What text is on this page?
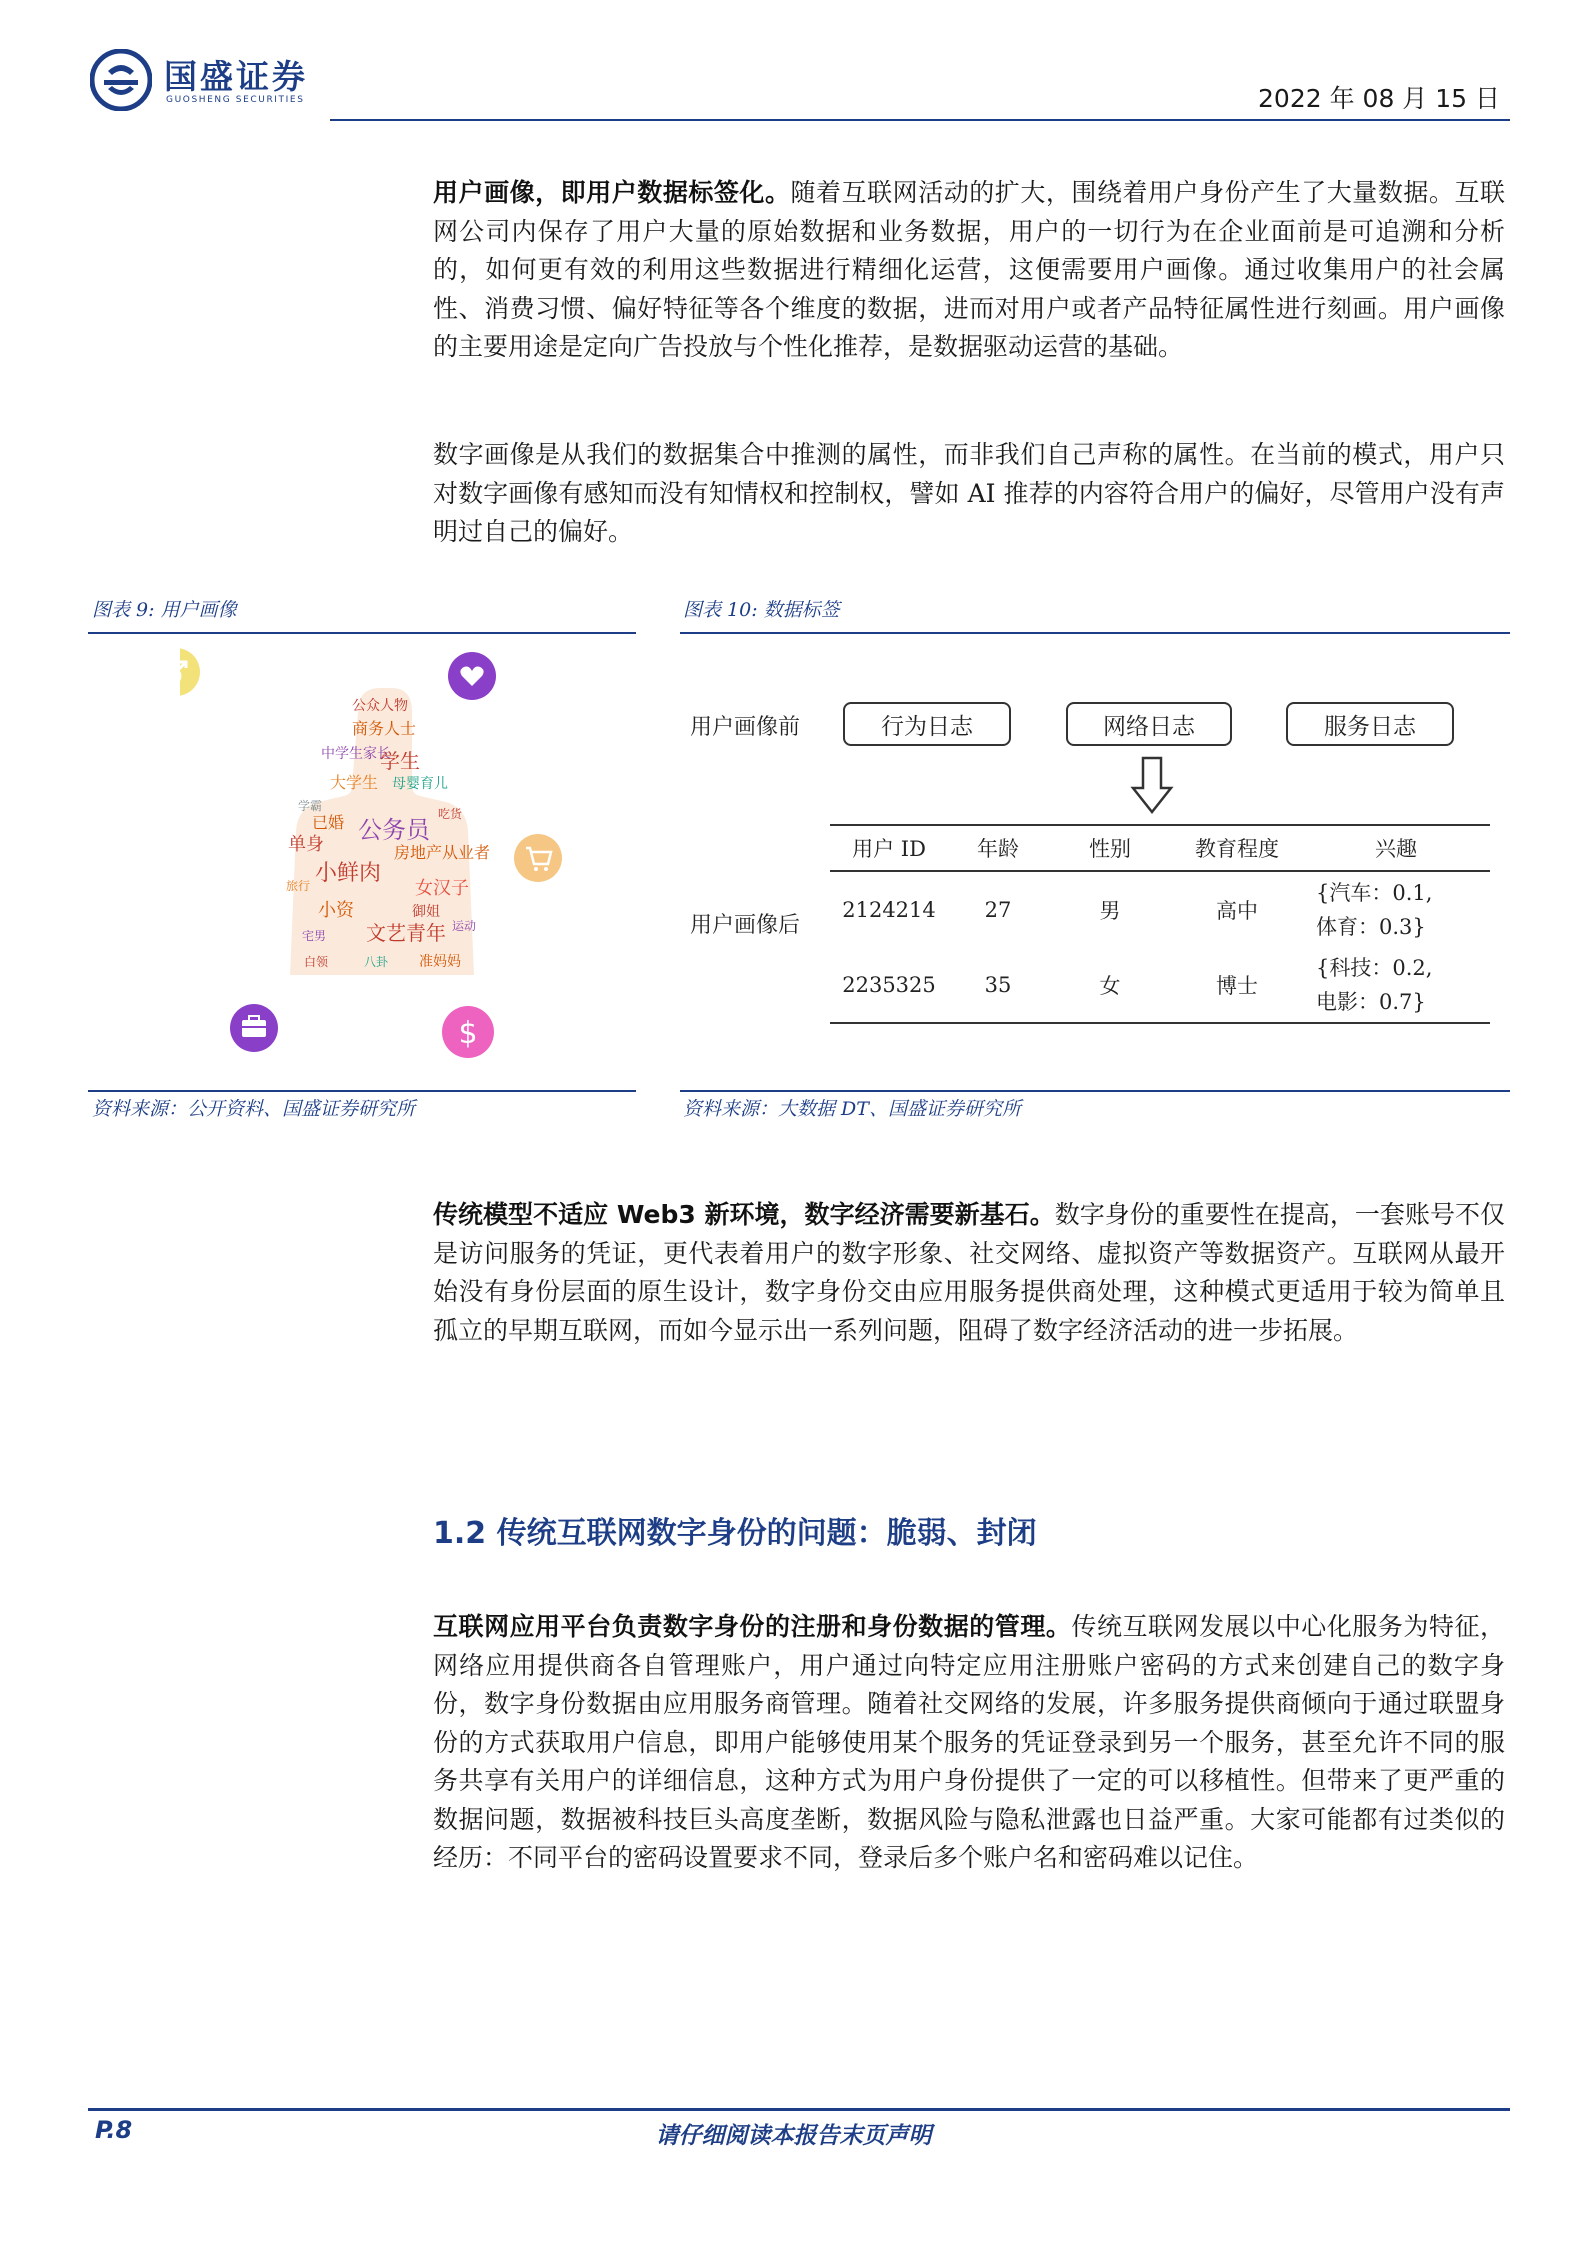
国盛证券
GUOSHENG SECURITIES	2022 年 08 月 15 日

用户画像，即用户数据标签化。随着互联网活动的扩大，围绕着用户身份产生了大量数据。互联网公司内保存了用户大量的原始数据和业务数据，用户的一切行为在企业面前是可追溯和分析的，如何更有效的利用这些数据进行精细化运营，这便需要用户画像。通过收集用户的社会属性、消费习惯、偏好特征等各个维度的数据，进而对用户或者产品特征属性进行刻画。用户画像的主要用途是定向广告投放与个性化推荐，是数据驱动运营的基础。

数字画像是从我们的数据集合中推测的属性，而非我们自己声称的属性。在当前的模式，用户只对数字画像有感知而没有知情权和控制权，譬如 AI 推荐的内容符合用户的偏好，尽管用户没有声明过自己的偏好。

图表 9: 用户画像	图表 10: 数据标签
公众人物
商务人士
中学生家长
学生
大学生 母婴育儿
已婚
单身
公务员
房地产从业者
小鲜肉
女汉子
小资	御姐
文艺青年
宅男
准妈妈
白领	八卦
学霸
吃货
旅行
运动
$
用户画像前	行为日志	网络日志	服务日志
用户画像后
用户 ID	年龄	性别	教育程度	兴趣
2124214	27	男	高中	{汽车：0.1,
体育：0.3}
2235325	35	女	博士	{科技：0.2,
电影：0.7}
资料来源：公开资料、国盛证券研究所	资料来源：大数据 DT、国盛证券研究所

传统模型不适应 Web3 新环境，数字经济需要新基石。数字身份的重要性在提高，一套账号不仅是访问服务的凭证，更代表着用户的数字形象、社交网络、虚拟资产等数据资产。互联网从最开始没有身份层面的原生设计，数字身份交由应用服务提供商处理，这种模式更适用于较为简单且孤立的早期互联网，而如今显示出一系列问题，阻碍了数字经济活动的进一步拓展。

1.2 传统互联网数字身份的问题：脆弱、封闭

互联网应用平台负责数字身份的注册和身份数据的管理。传统互联网发展以中心化服务为特征，网络应用提供商各自管理账户，用户通过向特定应用注册账户密码的方式来创建自己的数字身份，数字身份数据由应用服务商管理。随着社交网络的发展，许多服务提供商倾向于通过联盟身份的方式获取用户信息，即用户能够使用某个服务的凭证登录到另一个服务，甚至允许不同的服务共享有关用户的详细信息，这种方式为用户身份提供了一定的可以移植性。但带来了更严重的数据问题，数据被科技巨头高度垄断，数据风险与隐私泄露也日益严重。大家可能都有过类似的经历：不同平台的密码设置要求不同，登录后多个账户名和密码难以记住。

P.8	请仔细阅读本报告末页声明
